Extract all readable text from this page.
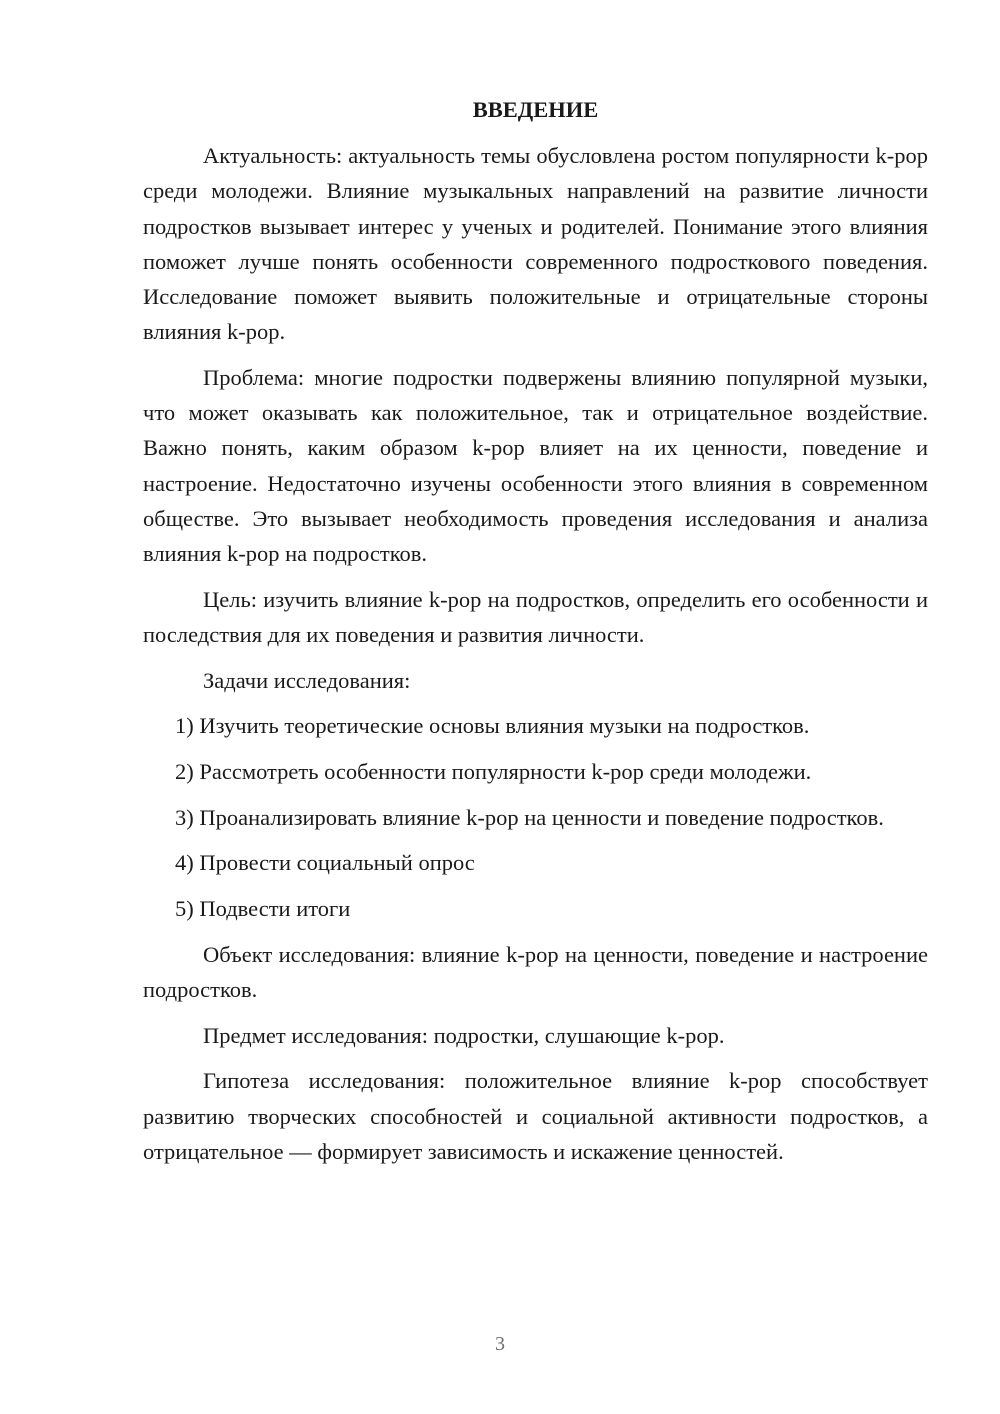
ВВЕДЕНИЕ

Актуальность: актуальность темы обусловлена ростом популярности k-pop среди молодежи. Влияние музыкальных направлений на развитие личности подростков вызывает интерес у ученых и родителей. Понимание этого влияния поможет лучше понять особенности современного подросткового поведения. Исследование поможет выявить положительные и отрицательные стороны влияния k-pop.

Проблема: многие подростки подвержены влиянию популярной музыки, что может оказывать как положительное, так и отрицательное воздействие. Важно понять, каким образом k-pop влияет на их ценности, поведение и настроение. Недостаточно изучены особенности этого влияния в современном обществе. Это вызывает необходимость проведения исследования и анализа влияния k-pop на подростков.

Цель: изучить влияние k-pop на подростков, определить его особенности и последствия для их поведения и развития личности.

Задачи исследования:

1) Изучить теоретические основы влияния музыки на подростков.

2) Рассмотреть особенности популярности k-pop среди молодежи.

3) Проанализировать влияние k-pop на ценности и поведение подростков.

4) Провести социальный опрос

5) Подвести итоги

Объект исследования: влияние k-pop на ценности, поведение и настроение подростков.

Предмет исследования: подростки, слушающие k-pop.

Гипотеза исследования: положительное влияние k-pop способствует развитию творческих способностей и социальной активности подростков, а отрицательное — формирует зависимость и искажение ценностей.

3
